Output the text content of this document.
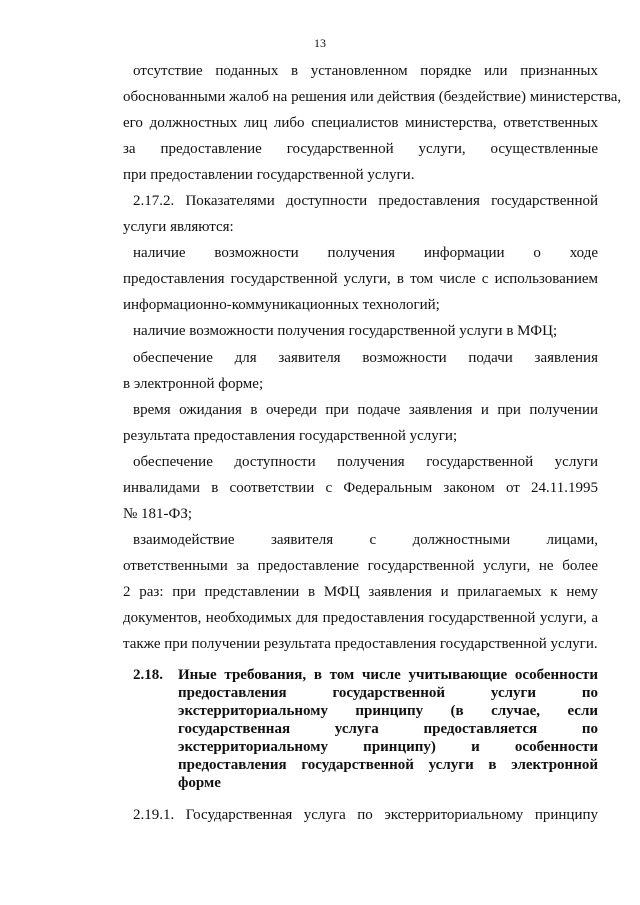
13
отсутствие поданных в установленном порядке или признанных
обоснованными жалоб на решения или действия (бездействие) министерства,
его должностных лиц либо специалистов министерства, ответственных
за предоставление государственной услуги, осуществленные
при предоставлении государственной услуги.
2.17.2. Показателями доступности предоставления государственной
услуги являются:
наличие возможности получения информации о ходе
предоставления государственной услуги, в том числе с использованием
информационно-коммуникационных технологий;
наличие возможности получения государственной услуги в МФЦ;
обеспечение для заявителя возможности подачи заявления
в электронной форме;
время ожидания в очереди при подаче заявления и при получении
результата предоставления государственной услуги;
обеспечение доступности получения государственной услуги
инвалидами в соответствии с Федеральным законом от 24.11.1995
№ 181-ФЗ;
взаимодействие заявителя с должностными лицами,
ответственными за предоставление государственной услуги, не более
2 раз: при представлении в МФЦ заявления и прилагаемых к нему
документов, необходимых для предоставления государственной услуги, а
также при получении результата предоставления государственной услуги.
2.18. Иные требования, в том числе учитывающие особенности
предоставления государственной услуги по
экстерриториальному принципу (в случае, если
государственная услуга предоставляется по
экстерриториальному принципу) и особенности
предоставления государственной услуги в электронной
форме
2.19.1. Государственная услуга по экстерриториальному принципу
